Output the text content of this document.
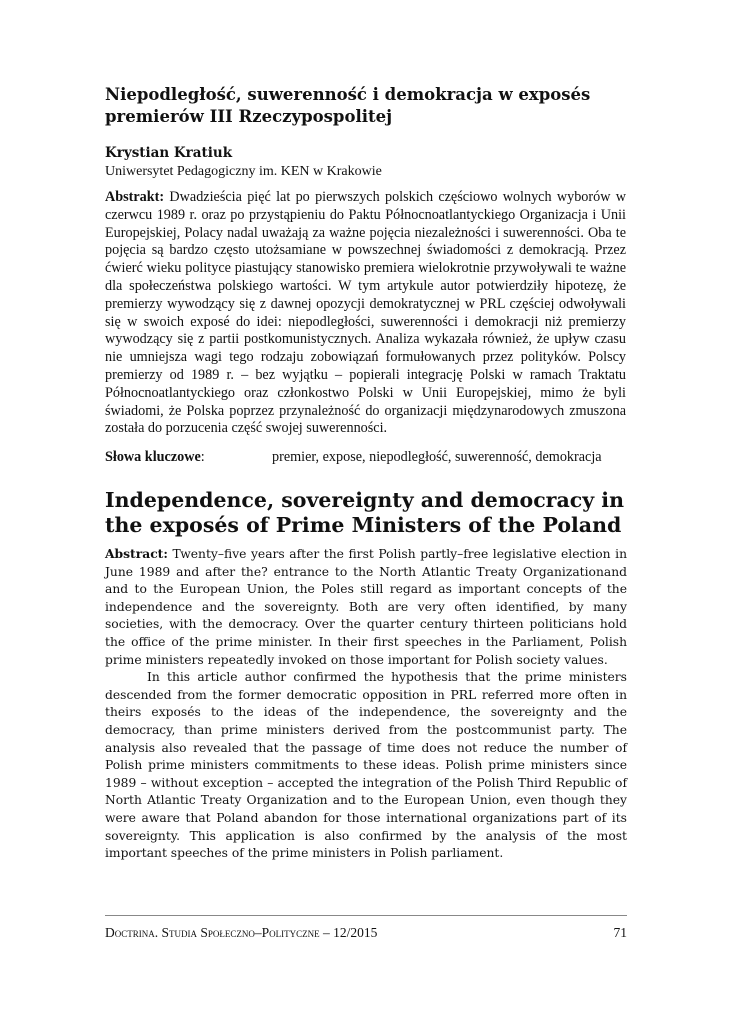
Niepodległość, suwerenność i demokracja w exposés premierów III Rzeczypospolitej
Krystian Kratiuk
Uniwersytet Pedagogiczny im. KEN w Krakowie

Abstrakt: Dwadzieścia pięć lat po pierwszych polskich częściowo wolnych wyborów w czerwcu 1989 r. oraz po przystąpieniu do Paktu Północnoatlantyckiego Organizacja i Unii Europejskiej, Polacy nadal uważają za ważne pojęcia niezależności i suwerenności. Oba te pojęcia są bardzo często utożsamiane w powszechnej świadomości z demokracją. Przez ćwierć wieku polityce piastujący stanowisko premiera wielokrotnie przywoływali te ważne dla społeczeństwa polskiego wartości. W tym artykule autor potwierdziły hipotezę, że premierzy wywodzący się z dawnej opozycji demokratycznej w PRL częściej odwoływali się w swoich exposé do idei: niepodległości, suwerenności i demokracji niż premierzy wywodzący się z partii postkomunistycznych. Analiza wykazała również, że upływ czasu nie umniejsza wagi tego rodzaju zobowiązań formułowanych przez polityków. Polscy premierzy od 1989 r. – bez wyjątku – popierali integrację Polski w ramach Traktatu Północnoatlantyckiego oraz członkostwo Polski w Unii Europejskiej, mimo że byli świadomi, że Polska poprzez przynależność do organizacji międzynarodowych zmuszona została do porzucenia część swojej suwerenności.

Słowa kluczowe:	premier, expose, niepodległość, suwerenność, demokracja
Independence, sovereignty and democracy in the exposés of Prime Ministers of the Poland

Abstract: Twenty–five years after the first Polish partly–free legislative election in June 1989 and after the? entrance to the North Atlantic Treaty Organizationand and to the European Union, the Poles still regard as important concepts of the independence and the sovereignty. Both are very often identified, by many societies, with the democracy. Over the quarter century thirteen politicians hold the office of the prime minister. In their first speeches in the Parliament, Polish prime ministers repeatedly invoked on those important for Polish society values.

In this article author confirmed the hypothesis that the prime ministers descended from the former democratic opposition in PRL referred more often in theirs exposés to the ideas of the independence, the sovereignty and the democracy, than prime ministers derived from the postcommunist party. The analysis also revealed that the passage of time does not reduce the number of Polish prime ministers commitments to these ideas. Polish prime ministers since 1989 – without exception – accepted the integration of the Polish Third Republic of North Atlantic Treaty Organization and to the European Union, even though they were aware that Poland abandon for those international organizations part of its sovereignty. This application is also confirmed by the analysis of the most important speeches of the prime ministers in Polish parliament.

Doctrina. Studia Społeczno–Polityczne – 12/2015	71
